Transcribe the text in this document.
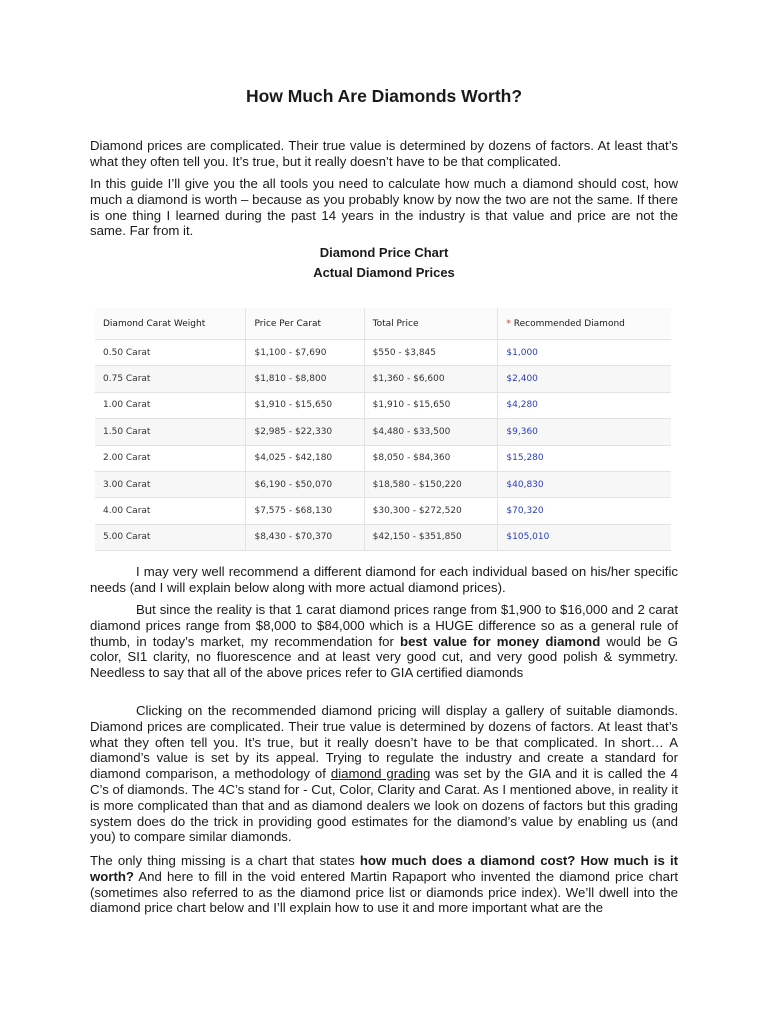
How Much Are Diamonds Worth?

Diamond prices are complicated. Their true value is determined by dozens of factors. At least that’s what they often tell you. It’s true, but it really doesn’t have to be that complicated.

In this guide I’ll give you the all tools you need to calculate how much a diamond should cost, how much a diamond is worth – because as you probably know by now the two are not the same. If there is one thing I learned during the past 14 years in the industry is that value and price are not the same. Far from it.

Diamond Price Chart

Actual Diamond Prices

Diamond Carat Weight	Price Per Carat	Total Price	* Recommended Diamond
0.50 Carat	$1,100 - $7,690	$550 - $3,845	$1,000
0.75 Carat	$1,810 - $8,800	$1,360 - $6,600	$2,400
1.00 Carat	$1,910 - $15,650	$1,910 - $15,650	$4,280
1.50 Carat	$2,985 - $22,330	$4,480 - $33,500	$9,360
2.00 Carat	$4,025 - $42,180	$8,050 - $84,360	$15,280
3.00 Carat	$6,190 - $50,070	$18,580 - $150,220	$40,830
4.00 Carat	$7,575 - $68,130	$30,300 - $272,520	$70,320
5.00 Carat	$8,430 - $70,370	$42,150 - $351,850	$105,010

I may very well recommend a different diamond for each individual based on his/her specific needs (and I will explain below along with more actual diamond prices).

But since the reality is that 1 carat diamond prices range from $1,900 to $16,000 and 2 carat diamond prices range from $8,000 to $84,000 which is a HUGE difference so as a general rule of thumb, in today’s market, my recommendation for best value for money diamond would be G color, SI1 clarity, no fluorescence and at least very good cut, and very good polish & symmetry. Needless to say that all of the above prices refer to GIA certified diamonds

Clicking on the recommended diamond pricing will display a gallery of suitable diamonds. Diamond prices are complicated. Their true value is determined by dozens of factors. At least that’s what they often tell you. It’s true, but it really doesn’t have to be that complicated. In short… A diamond’s value is set by its appeal. Trying to regulate the industry and create a standard for diamond comparison, a methodology of diamond grading was set by the GIA and it is called the 4 C’s of diamonds. The 4C’s stand for - Cut, Color, Clarity and Carat. As I mentioned above, in reality it is more complicated than that and as diamond dealers we look on dozens of factors but this grading system does do the trick in providing good estimates for the diamond’s value by enabling us (and you) to compare similar diamonds.

The only thing missing is a chart that states how much does a diamond cost? How much is it worth? And here to fill in the void entered Martin Rapaport who invented the diamond price chart (sometimes also referred to as the diamond price list or diamonds price index). We’ll dwell into the diamond price chart below and I’ll explain how to use it and more important what are the
